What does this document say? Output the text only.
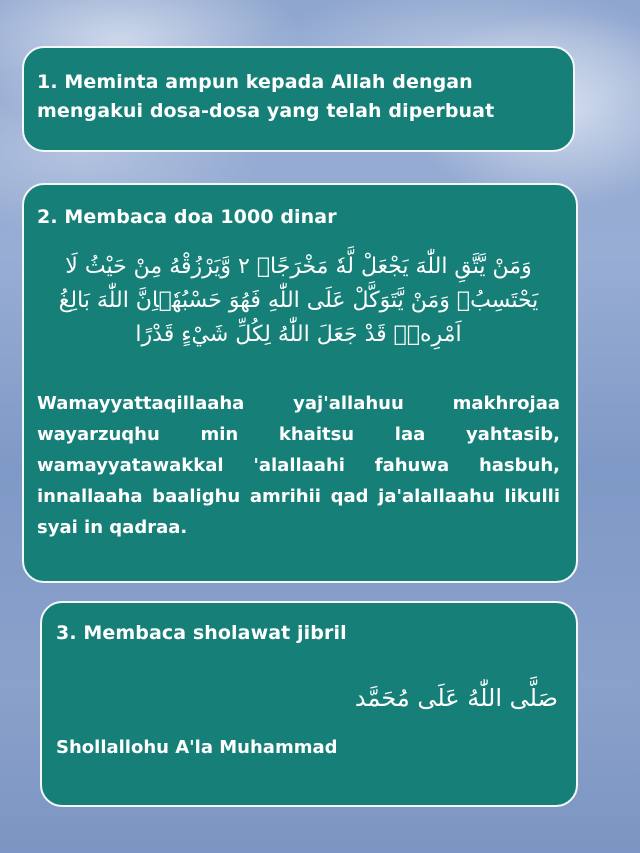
1. Meminta ampun kepada Allah dengan mengakui dosa-dosa yang telah diperbuat

2. Membaca doa 1000 dinar

وَمَنْ يَّتَّقِ اللّٰهَ يَجْعَلْ لَّهٗ مَخْرَجًاۙ ٢ وَّيَرْزُقْهُ مِنْ حَيْثُ لَا يَحْتَسِبُۗ وَمَنْ يَّتَوَكَّلْ عَلَى اللّٰهِ فَهُوَ حَسْبُهٗۗاِنَّ اللّٰهَ بَالِغُ اَمْرِهٖۗ قَدْ جَعَلَ اللّٰهُ لِكُلِّ شَيْءٍ قَدْرًا

Wamayyattaqillaaha yaj'allahuu makhrojaa wayarzuqhu min khaitsu laa yahtasib, wamayyatawakkal 'alallaahi fahuwa hasbuh, innallaaha baalighu amrihii qad ja'alallaahu likulli syai in qadraa.

3. Membaca sholawat jibril

صَلَّى اللّٰهُ عَلَى مُحَمَّد

Shollallohu A'la Muhammad
